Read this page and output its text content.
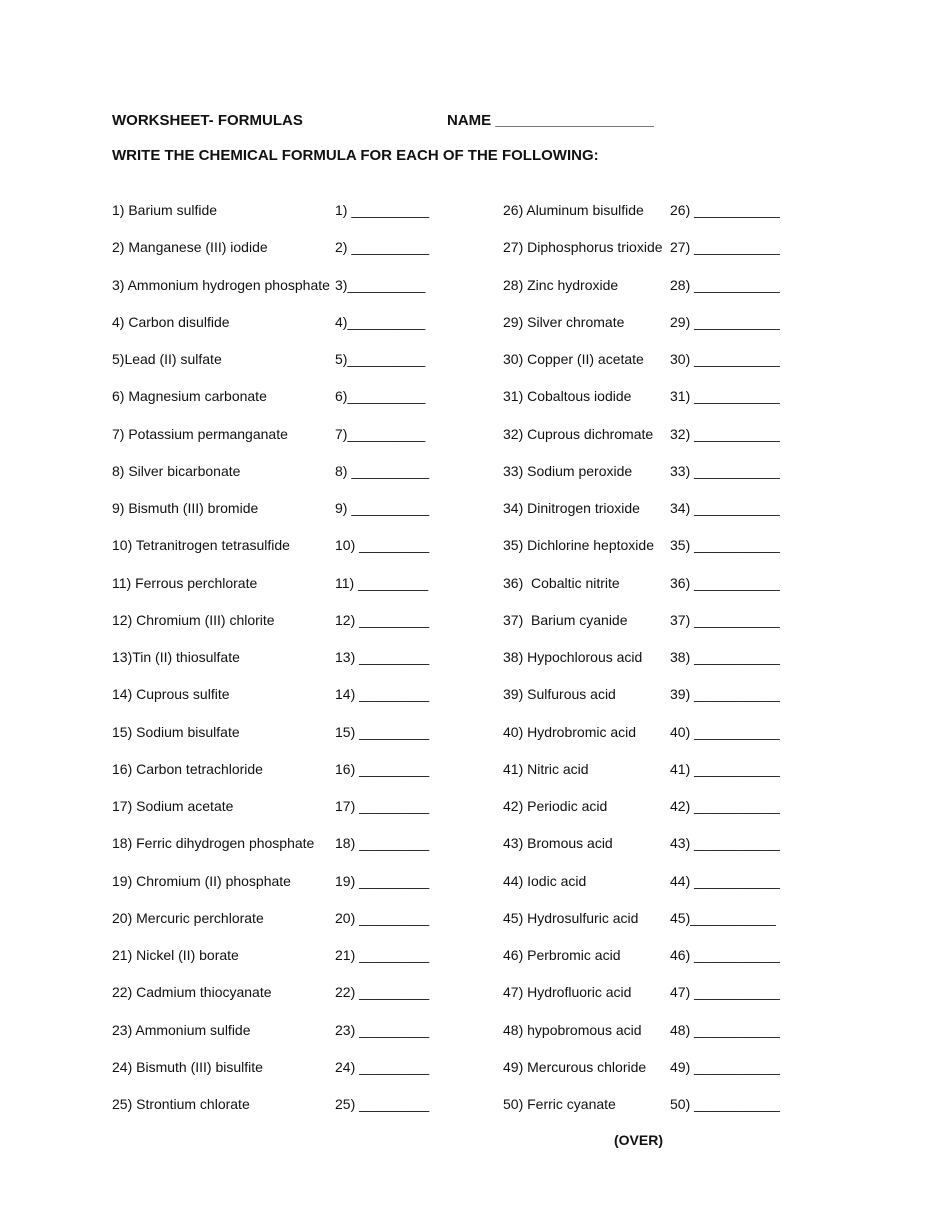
WORKSHEET- FORMULAS	NAME ___________________
WRITE THE CHEMICAL FORMULA FOR EACH OF THE FOLLOWING:
1) Barium sulfide	1) __________
2) Manganese (III) iodide	2) __________
3) Ammonium hydrogen phosphate 3)__________
4) Carbon disulfide	4)__________
5)Lead (II) sulfate	5)__________
6) Magnesium carbonate	6)__________
7) Potassium permanganate	7)__________
8) Silver bicarbonate	8) __________
9) Bismuth (III) bromide	9) __________
10) Tetranitrogen tetrasulfide	10) _________
11) Ferrous perchlorate	11) _________
12) Chromium (III) chlorite	12) _________
13)Tin (II) thiosulfate	13) _________
14) Cuprous sulfite	14) _________
15) Sodium bisulfate	15) _________
16) Carbon tetrachloride	16) _________
17) Sodium acetate	17) _________
18) Ferric dihydrogen phosphate 18) _________
19) Chromium (II) phosphate	19) _________
20) Mercuric perchlorate	20) _________
21) Nickel (II) borate	21) _________
22) Cadmium thiocyanate	22) _________
23) Ammonium sulfide	23) _________
24) Bismuth (III) bisulfite	24) _________
25) Strontium chlorate	25) _________
26) Aluminum bisulfide 26) ___________
27) Diphosphorus trioxide 27) ___________
28) Zinc hydroxide	28) ___________
29) Silver chromate	29) ___________
30) Copper (II) acetate 30) ___________
31) Cobaltous iodide	31) ___________
32) Cuprous dichromate 32) ___________
33) Sodium peroxide	33) ___________
34) Dinitrogen trioxide 34) ___________
35) Dichlorine heptoxide 35) ___________
36)  Cobaltic nitrite	36) ___________
37)  Barium cyanide	37) ___________
38) Hypochlorous acid 38) ___________
39) Sulfurous acid	39) ___________
40) Hydrobromic acid 40) ___________
41) Nitric acid	41) ___________
42) Periodic acid	42) ___________
43) Bromous acid	43) ___________
44) Iodic acid	44) ___________
45) Hydrosulfuric acid 45)___________
46) Perbromic acid	46) ___________
47) Hydrofluoric acid	47) ___________
48) hypobromous acid 48) ___________
49) Mercurous chloride 49) ___________
50) Ferric cyanate	50) ___________
(OVER)
